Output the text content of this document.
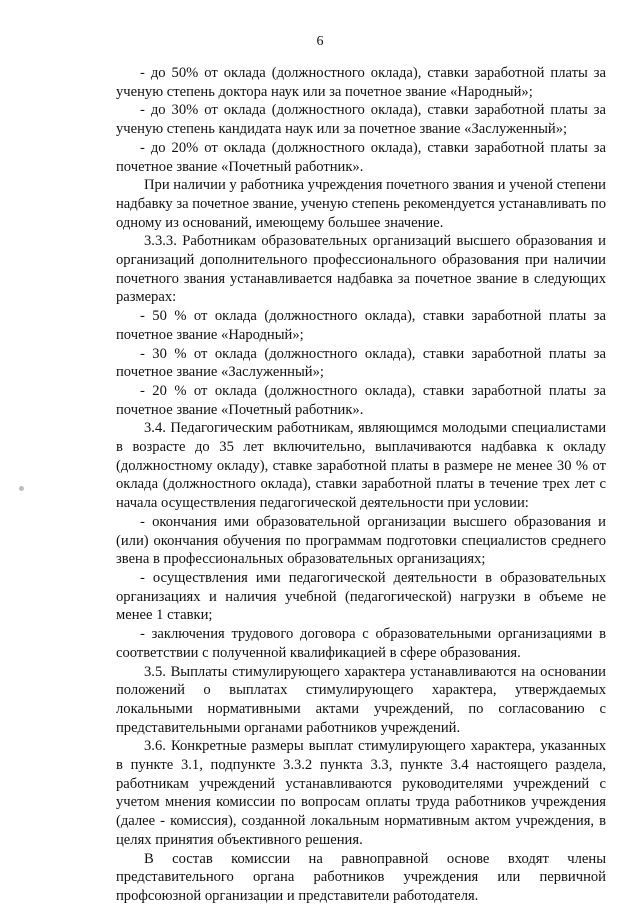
6

- до 50% от оклада (должностного оклада), ставки заработной платы за ученую степень доктора наук или за почетное звание «Народный»;

- до 30% от оклада (должностного оклада), ставки заработной платы за ученую степень кандидата наук или за почетное звание «Заслуженный»;

- до 20% от оклада (должностного оклада), ставки заработной платы за почетное звание «Почетный работник».

При наличии у работника учреждения почетного звания и ученой степени надбавку за почетное звание, ученую степень рекомендуется устанавливать по одному из оснований, имеющему большее значение.

3.3.3. Работникам образовательных организаций высшего образования и организаций дополнительного профессионального образования при наличии почетного звания устанавливается надбавка за почетное звание в следующих размерах:

- 50 % от оклада (должностного оклада), ставки заработной платы за почетное звание «Народный»;

- 30 % от оклада (должностного оклада), ставки заработной платы за почетное звание «Заслуженный»;

- 20 % от оклада (должностного оклада), ставки заработной платы за почетное звание «Почетный работник».

3.4. Педагогическим работникам, являющимся молодыми специалистами в возрасте до 35 лет включительно, выплачиваются надбавка к окладу (должностному окладу), ставке заработной платы в размере не менее 30 % от оклада (должностного оклада), ставки заработной платы в течение трех лет с начала осуществления педагогической деятельности при условии:

- окончания ими образовательной организации высшего образования и (или) окончания обучения по программам подготовки специалистов среднего звена в профессиональных образовательных организациях;

- осуществления ими педагогической деятельности в образовательных организациях и наличия учебной (педагогической) нагрузки в объеме не менее 1 ставки;

- заключения трудового договора с образовательными организациями в соответствии с полученной квалификацией в сфере образования.

3.5. Выплаты стимулирующего характера устанавливаются на основании положений о выплатах стимулирующего характера, утверждаемых локальными нормативными актами учреждений, по согласованию с представительными органами работников учреждений.

3.6. Конкретные размеры выплат стимулирующего характера, указанных в пункте 3.1, подпункте 3.3.2 пункта 3.3, пункте 3.4 настоящего раздела, работникам учреждений устанавливаются руководителями учреждений с учетом мнения комиссии по вопросам оплаты труда работников учреждения (далее - комиссия), созданной локальным нормативным актом учреждения, в целях принятия объективного решения.

В состав комиссии на равноправной основе входят члены представительного органа работников учреждения или первичной профсоюзной организации и представители работодателя.
